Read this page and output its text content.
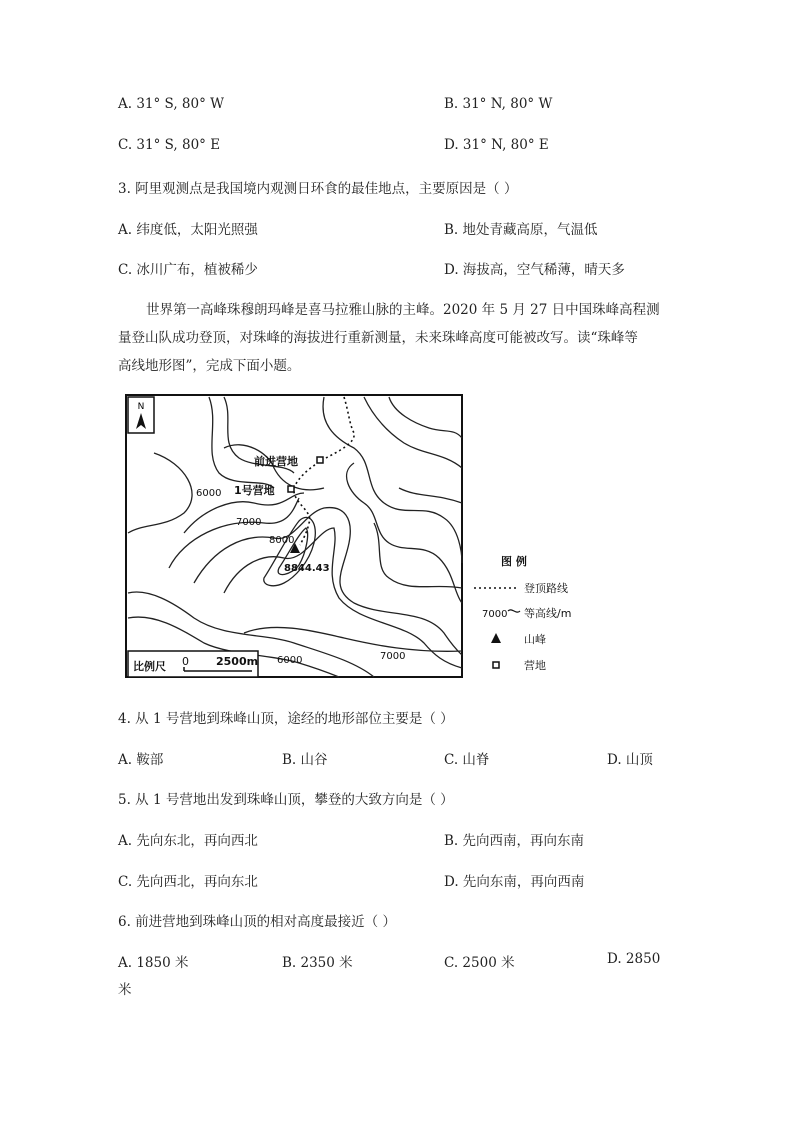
A. 31° S, 80° W	B. 31° N, 80° W
C. 31° S, 80° E	D. 31° N, 80° E
3. 阿里观测点是我国境内观测日环食的最佳地点，主要原因是（ ）
A. 纬度低，太阳光照强	B. 地处青藏高原，气温低
C. 冰川广布，植被稀少	D. 海拔高，空气稀薄，晴天多
世界第一高峰珠穆朗玛峰是喜马拉雅山脉的主峰。2020 年 5 月 27 日中国珠峰高程测
量登山队成功登顶，对珠峰的海拔进行重新测量，未来珠峰高度可能被改写。读“珠峰等
高线地形图”，完成下面小题。
N
前进营地
1号营地
6000
7000
8000
8844.43
6000	7000
比例尺 0 2500m
图 例
登顶路线
7000 等高线/m
山峰
营地
4. 从 1 号营地到珠峰山顶，途经的地形部位主要是（ ）
A. 鞍部	B. 山谷	C. 山脊	D. 山顶
5. 从 1 号营地出发到珠峰山顶，攀登的大致方向是（ ）
A. 先向东北，再向西北	B. 先向西南，再向东南
C. 先向西北，再向东北	D. 先向东南，再向西南
6. 前进营地到珠峰山顶的相对高度最接近（ ）
A. 1850 米	B. 2350 米	C. 2500 米	D. 2850
米
